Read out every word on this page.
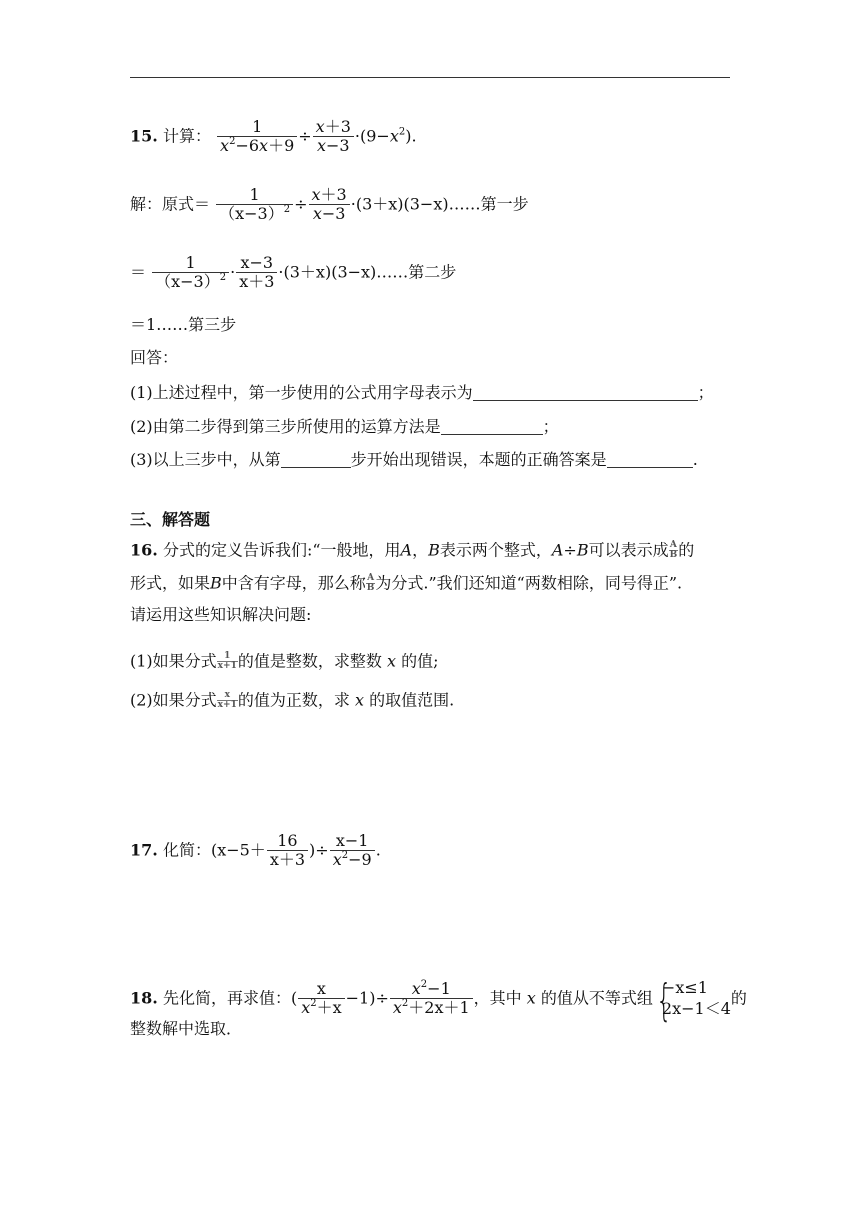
15. 计算： $\frac{1}{x^2-6x+9} \div \frac{x+3}{x-3} \cdot(9-x^2)$.
解：原式＝ $\frac{1}{(x-3)^2} \div \frac{x+3}{x-3}$ ·(3＋x)(3−x)……第一步
＝ $\frac{1}{(x-3)^2} \cdot \frac{x-3}{x+3}$ ·(3＋x)(3−x)……第二步
＝1……第三步
回答：
(1)上述过程中，第一步使用的公式用字母表示为	；
(2)由第二步得到第三步所使用的运算方法是	；
(3)以上三步中，从第	步开始出现错误，本题的正确答案是	.
三、解答题
16. 分式的定义告诉我们:“一般地，用A，B表示两个整式，A÷B可以表示成 $\frac{A}{B}$ 的
形式，如果B中含有字母，那么称 $\frac{A}{B}$ 为分式.”我们还知道“两数相除，同号得正”.
请运用这些知识解决问题:
(1)如果分式 $\frac{1}{x+1}$ 的值是整数，求整数 x 的值;
(2)如果分式 $\frac{x}{x+1}$ 的值为正数，求 x 的取值范围.
17. 化简：($x-5+ \frac{16}{x+3}$ )÷ $\frac{x-1}{x^2-9}$ .
18. 先化简，再求值：( $\frac{x}{x^2+x} -1)\div \frac{x^2-1}{x^2+2x+1}$ ，其中 x 的值从不等式组
{ −x≤1
2x−1＜4
的
整数解中选取．
